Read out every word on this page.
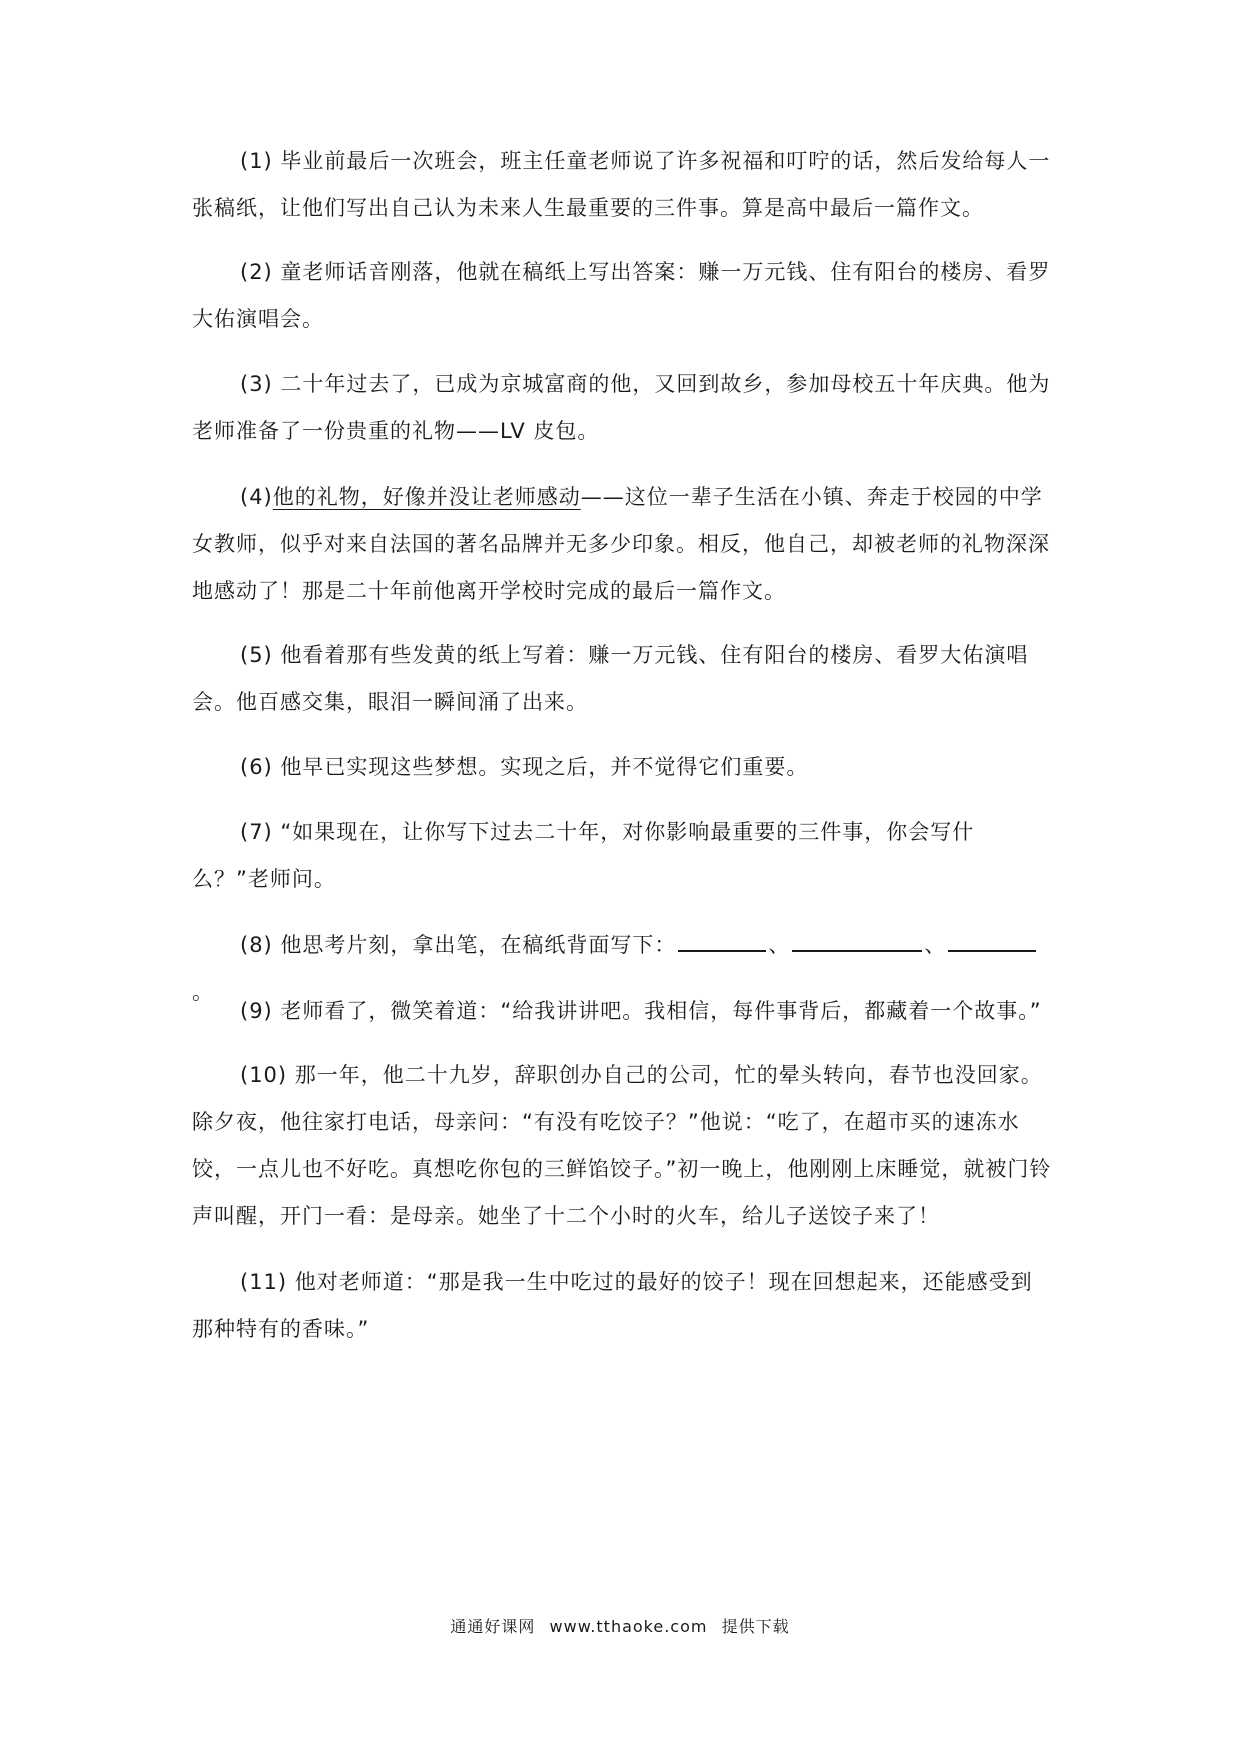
(1) 毕业前最后一次班会，班主任童老师说了许多祝福和叮咛的话，然后发给每人一张稿纸，让他们写出自己认为未来人生最重要的三件事。算是高中最后一篇作文。

(2) 童老师话音刚落，他就在稿纸上写出答案：赚一万元钱、住有阳台的楼房、看罗大佑演唱会。

(3) 二十年过去了，已成为京城富商的他，又回到故乡，参加母校五十年庆典。他为老师准备了一份贵重的礼物——LV 皮包。

(4)他的礼物，好像并没让老师感动——这位一辈子生活在小镇、奔走于校园的中学女教师，似乎对来自法国的著名品牌并无多少印象。相反，他自己，却被老师的礼物深深地感动了！那是二十年前他离开学校时完成的最后一篇作文。

(5) 他看着那有些发黄的纸上写着：赚一万元钱、住有阳台的楼房、看罗大佑演唱会。他百感交集，眼泪一瞬间涌了出来。

(6) 他早已实现这些梦想。实现之后，并不觉得它们重要。

(7) “如果现在，让你写下过去二十年，对你影响最重要的三件事，你会写什么？”老师问。

(8) 他思考片刻，拿出笔，在稿纸背面写下：	、	、。

(9) 老师看了，微笑着道：“给我讲讲吧。我相信，每件事背后，都藏着一个故事。”

(10) 那一年，他二十九岁，辞职创办自己的公司，忙的晕头转向，春节也没回家。除夕夜，他往家打电话，母亲问：“有没有吃饺子？”他说：“吃了，在超市买的速冻水饺，一点儿也不好吃。真想吃你包的三鲜馅饺子。”初一晚上，他刚刚上床睡觉，就被门铃声叫醒，开门一看：是母亲。她坐了十二个小时的火车，给儿子送饺子来了！

(11) 他对老师道：“那是我一生中吃过的最好的饺子！现在回想起来，还能感受到那种特有的香味。”

通通好课网 www.tthaoke.com 提供下载
